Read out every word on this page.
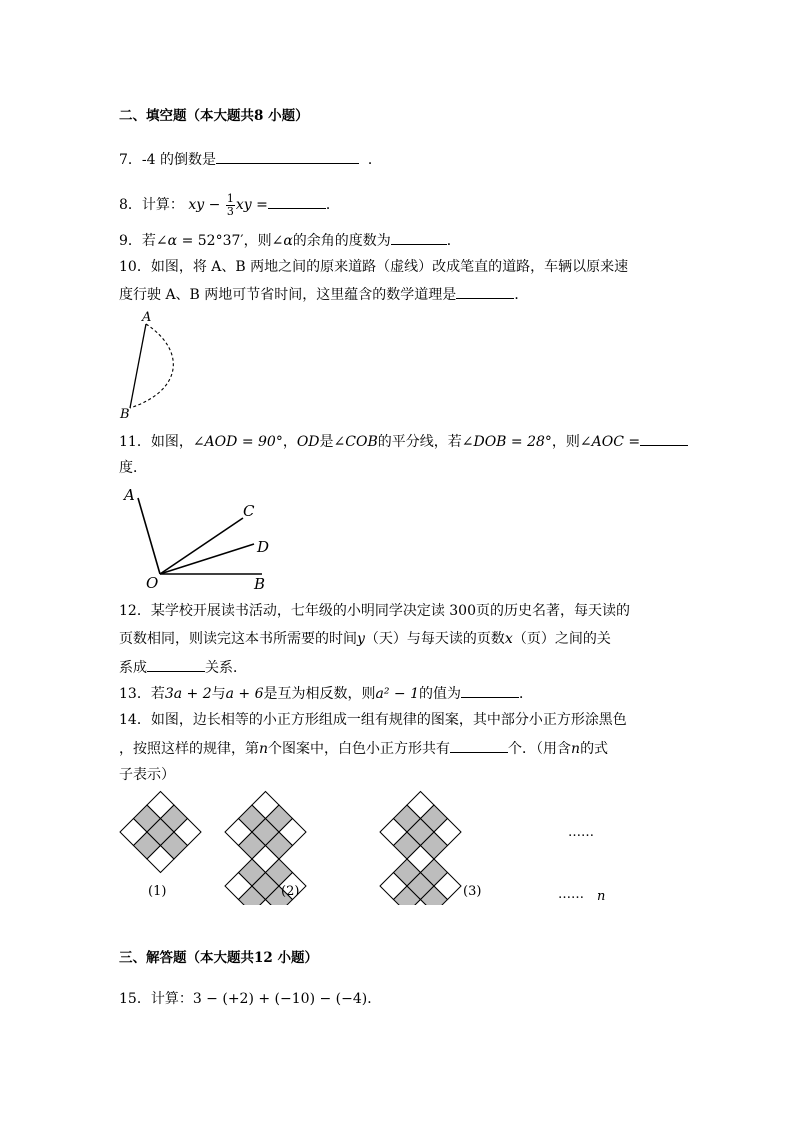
二、填空题（本大题共8 小题）
7．-4 的倒数是	．
8．计算： xy − $\frac{1}{3}$ xy =	．
9．若∠α = 52°37′，则∠α的余角的度数为	．
10．如图，将 A、B 两地之间的原来道路（虚线）改成笔直的道路，车辆以原来速
度行驶 A、B 两地可节省时间，这里蕴含的数学道理是	．
A
B
11．如图，∠AOD = 90°，OD是∠COB的平分线，若∠DOB = 28°，则∠AOC =
度．
A
C
D
O	B
12．某学校开展读书活动，七年级的小明同学决定读 300页的历史名著，每天读的
页数相同，则读完这本书所需要的时间y（天）与每天读的页数x（页）之间的关
系成	关系．
13．若3a + 2与a + 6是互为相反数，则a² − 1的值为	．
14．如图，边长相等的小正方形组成一组有规律的图案，其中部分小正方形涂黑色
，按照这样的规律，第n个图案中，白色小正方形共有	个．（用含n的式
子表示）
……
(1)	(2)	(3)	…… n
三、解答题（本大题共12 小题）
15．计算：3 − (+2) + (−10) − (−4)．
